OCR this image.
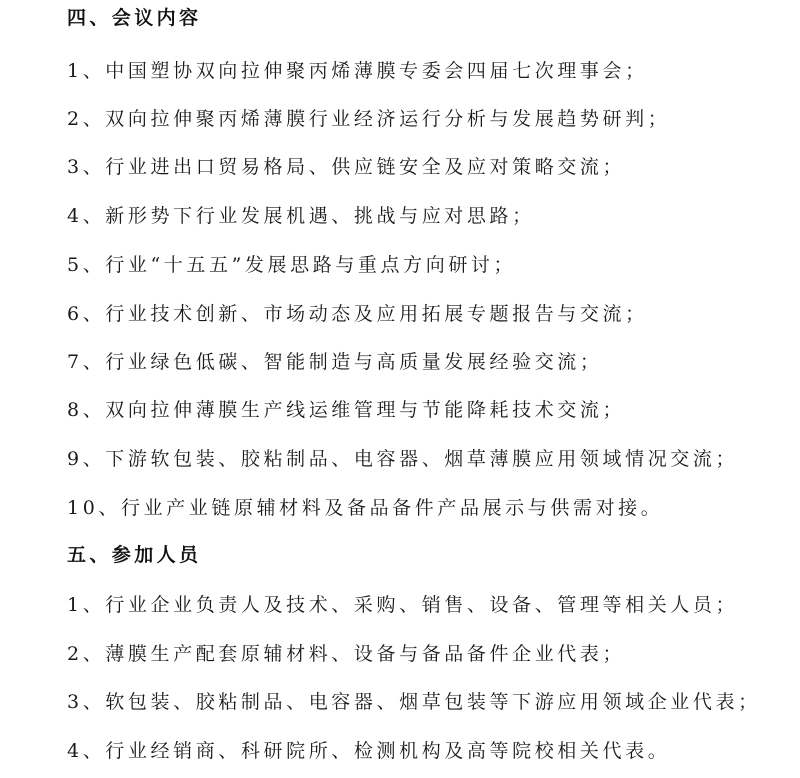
四、会议内容
1、中国塑协双向拉伸聚丙烯薄膜专委会四届七次理事会；
2、双向拉伸聚丙烯薄膜行业经济运行分析与发展趋势研判；
3、行业进出口贸易格局、供应链安全及应对策略交流；
4、新形势下行业发展机遇、挑战与应对思路；
5、行业“十五五”发展思路与重点方向研讨；
6、行业技术创新、市场动态及应用拓展专题报告与交流；
7、行业绿色低碳、智能制造与高质量发展经验交流；
8、双向拉伸薄膜生产线运维管理与节能降耗技术交流；
9、下游软包装、胶粘制品、电容器、烟草薄膜应用领域情况交流；
10、行业产业链原辅材料及备品备件产品展示与供需对接。
五、参加人员
1、行业企业负责人及技术、采购、销售、设备、管理等相关人员；
2、薄膜生产配套原辅材料、设备与备品备件企业代表；
3、软包装、胶粘制品、电容器、烟草包装等下游应用领域企业代表；
4、行业经销商、科研院所、检测机构及高等院校相关代表。
